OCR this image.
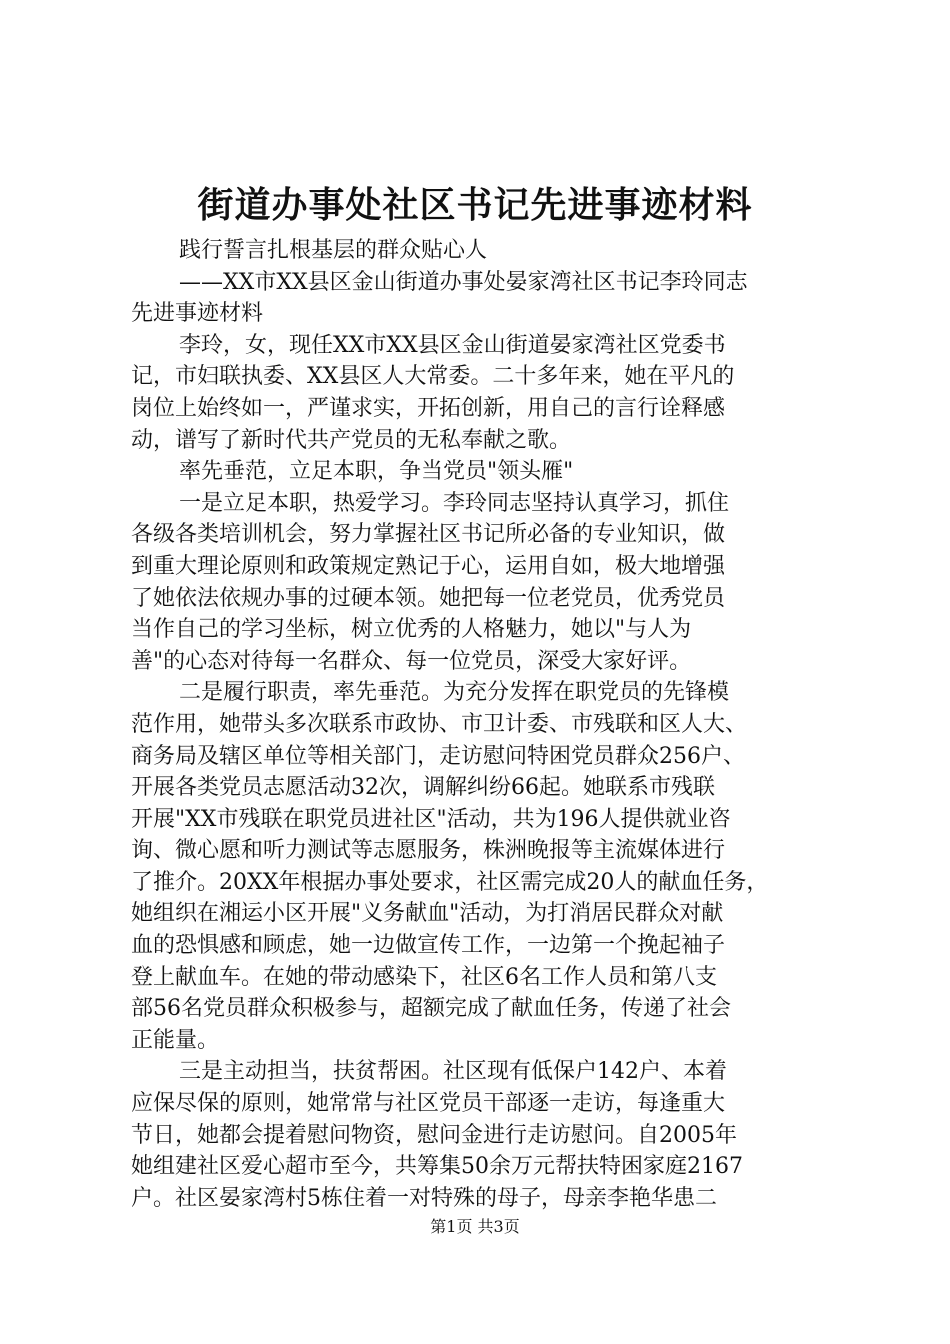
街道办事处社区书记先进事迹材料
践行誓言扎根基层的群众贴心人
——XX市XX县区金山街道办事处晏家湾社区书记李玲同志
先进事迹材料
李玲，女，现任XX市XX县区金山街道晏家湾社区党委书
记，市妇联执委、XX县区人大常委。二十多年来，她在平凡的
岗位上始终如一，严谨求实，开拓创新，用自己的言行诠释感
动，谱写了新时代共产党员的无私奉献之歌。
率先垂范，立足本职，争当党员"领头雁"
一是立足本职，热爱学习。李玲同志坚持认真学习，抓住
各级各类培训机会，努力掌握社区书记所必备的专业知识，做
到重大理论原则和政策规定熟记于心，运用自如，极大地增强
了她依法依规办事的过硬本领。她把每一位老党员，优秀党员
当作自己的学习坐标，树立优秀的人格魅力，她以"与人为
善"的心态对待每一名群众、每一位党员，深受大家好评。
二是履行职责，率先垂范。为充分发挥在职党员的先锋模
范作用，她带头多次联系市政协、市卫计委、市残联和区人大、
商务局及辖区单位等相关部门，走访慰问特困党员群众256户、
开展各类党员志愿活动32次，调解纠纷66起。她联系市残联
开展"XX市残联在职党员进社区"活动，共为196人提供就业咨
询、微心愿和听力测试等志愿服务，株洲晚报等主流媒体进行
了推介。20XX年根据办事处要求，社区需完成20人的献血任务，
她组织在湘运小区开展"义务献血"活动，为打消居民群众对献
血的恐惧感和顾虑，她一边做宣传工作，一边第一个挽起袖子
登上献血车。在她的带动感染下，社区6名工作人员和第八支
部56名党员群众积极参与，超额完成了献血任务，传递了社会
正能量。
三是主动担当，扶贫帮困。社区现有低保户142户、本着
应保尽保的原则，她常常与社区党员干部逐一走访，每逢重大
节日，她都会提着慰问物资，慰问金进行走访慰问。自2005年
她组建社区爱心超市至今，共筹集50余万元帮扶特困家庭2167
户。社区晏家湾村5栋住着一对特殊的母子，母亲李艳华患二
第1页 共3页
